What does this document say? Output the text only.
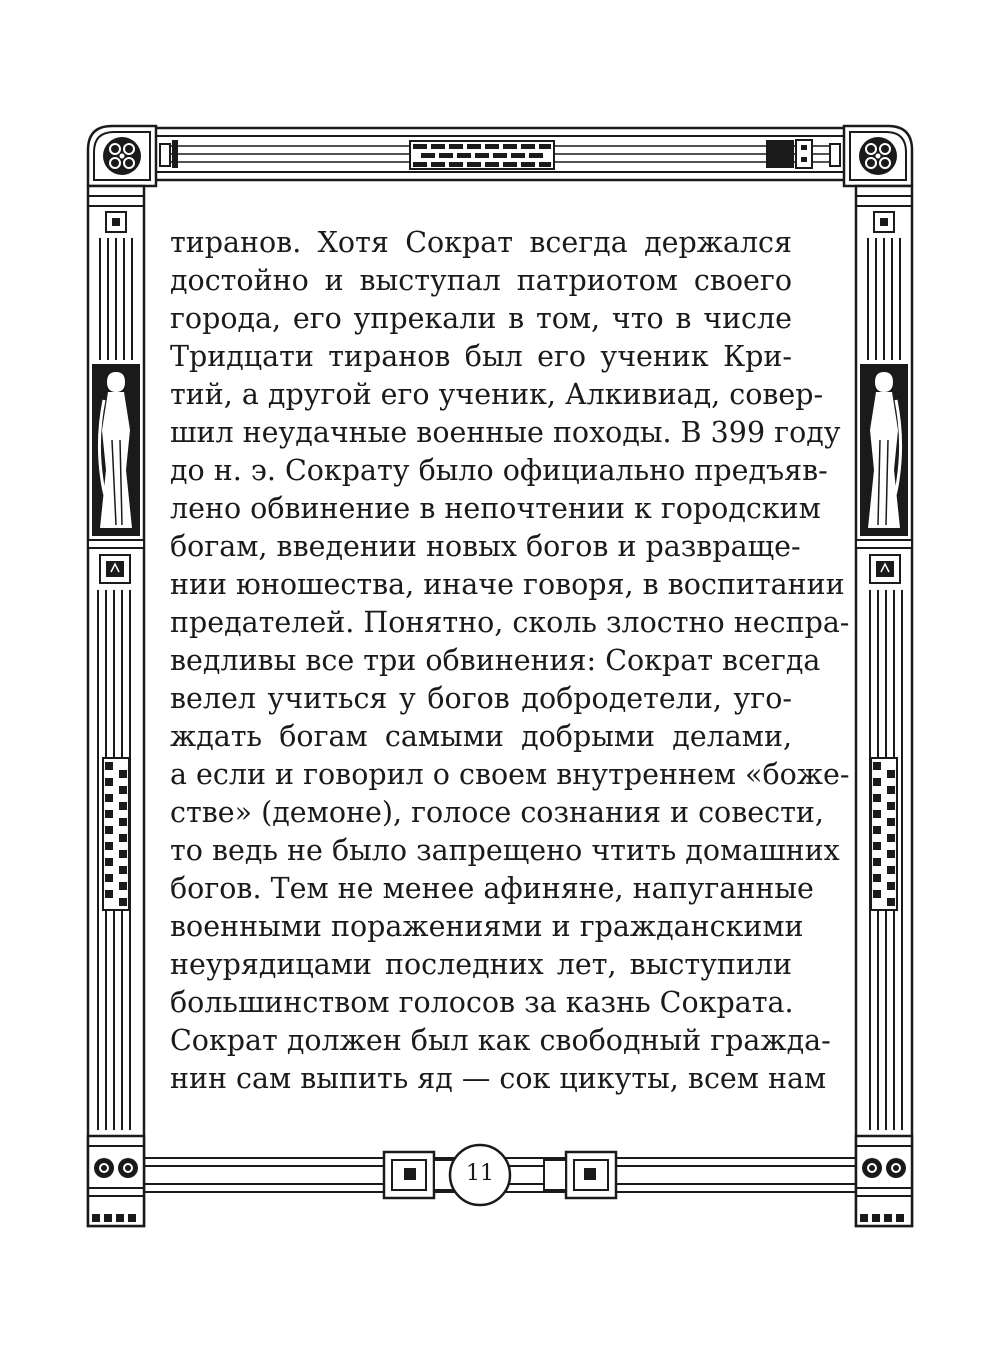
тиранов. Хотя Сократ всегда держался
достойно и выступал патриотом своего
города, его упрекали в том, что в числе
Тридцати тиранов был его ученик Кри-
тий, а другой его ученик, Алкивиад, совер-
шил неудачные военные походы. В 399 году
до н. э. Сократу было официально предъяв-
лено обвинение в непочтении к городским
богам, введении новых богов и развраще-
нии юношества, иначе говоря, в воспитании
предателей. Понятно, сколь злостно неспра-
ведливы все три обвинения: Сократ всегда
велел учиться у богов добродетели, уго-
ждать богам самыми добрыми делами,
а если и говорил о своем внутреннем «боже-
стве» (демоне), голосе сознания и совести,
то ведь не было запрещено чтить домашних
богов. Тем не менее афиняне, напуганные
военными поражениями и гражданскими
неурядицами последних лет, выступили
большинством голосов за казнь Сократа.
Сократ должен был как свободный гражда-
нин сам выпить яд — сок цикуты, всем нам
11
